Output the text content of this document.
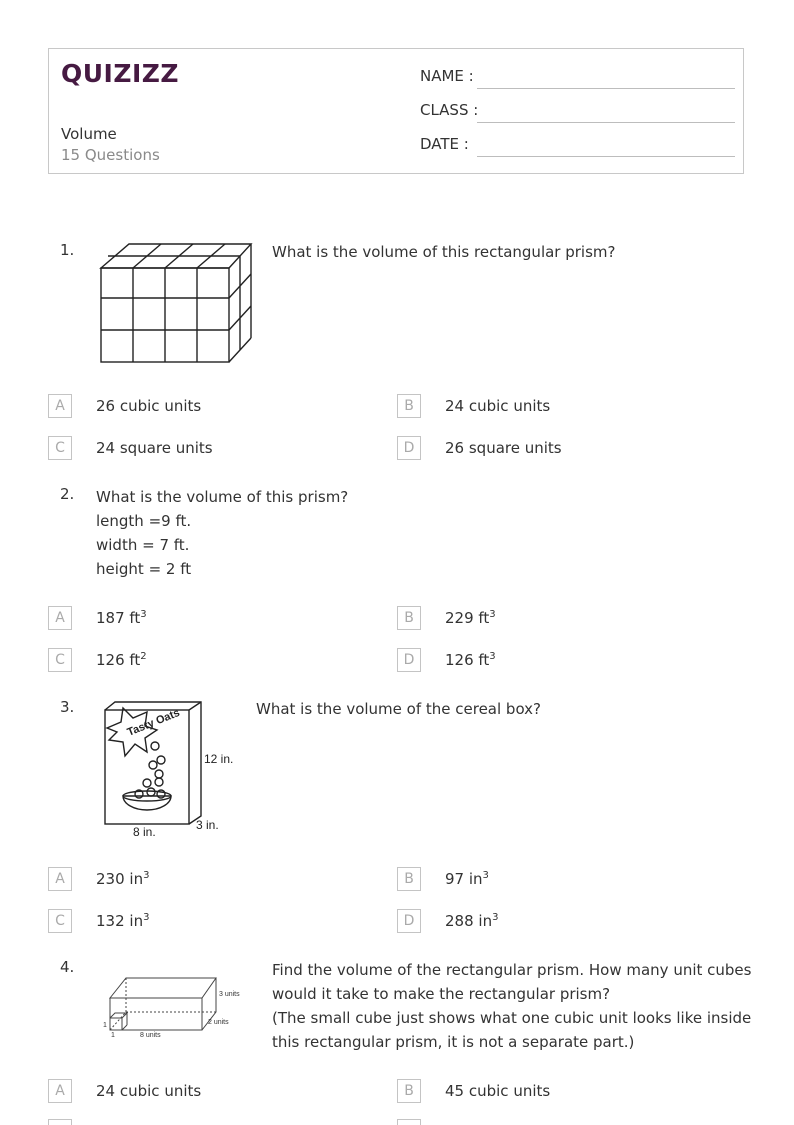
QUIZIZZ
Volume
15 Questions
NAME :
CLASS :
DATE :
1.	What is the volume of this rectangular prism?
A	26 cubic units	B	24 cubic units
C	24 square units	D	26 square units
2. What is the volume of this prism?
length =9 ft.
width = 7 ft.
height = 2 ft
A	187 $ft^3$	B	229 $ft^3$
C	126 $ft^2$	D	126 $ft^3$
3.	Tasty Oats
12 in.
3 in.
8 in.
What is the volume of the cereal box?
A	230 $in^3$	B	97 $in^3$
C	132 $in^3$	D	288 $in^3$
4.
3 units
2 units
8 units
1
1
Find the volume of the rectangular prism. How many unit cubes
would it take to make the rectangular prism?
(The small cube just shows what one cubic unit looks like inside
this rectangular prism, it is not a separate part.)
A	24 cubic units	B	45 cubic units
